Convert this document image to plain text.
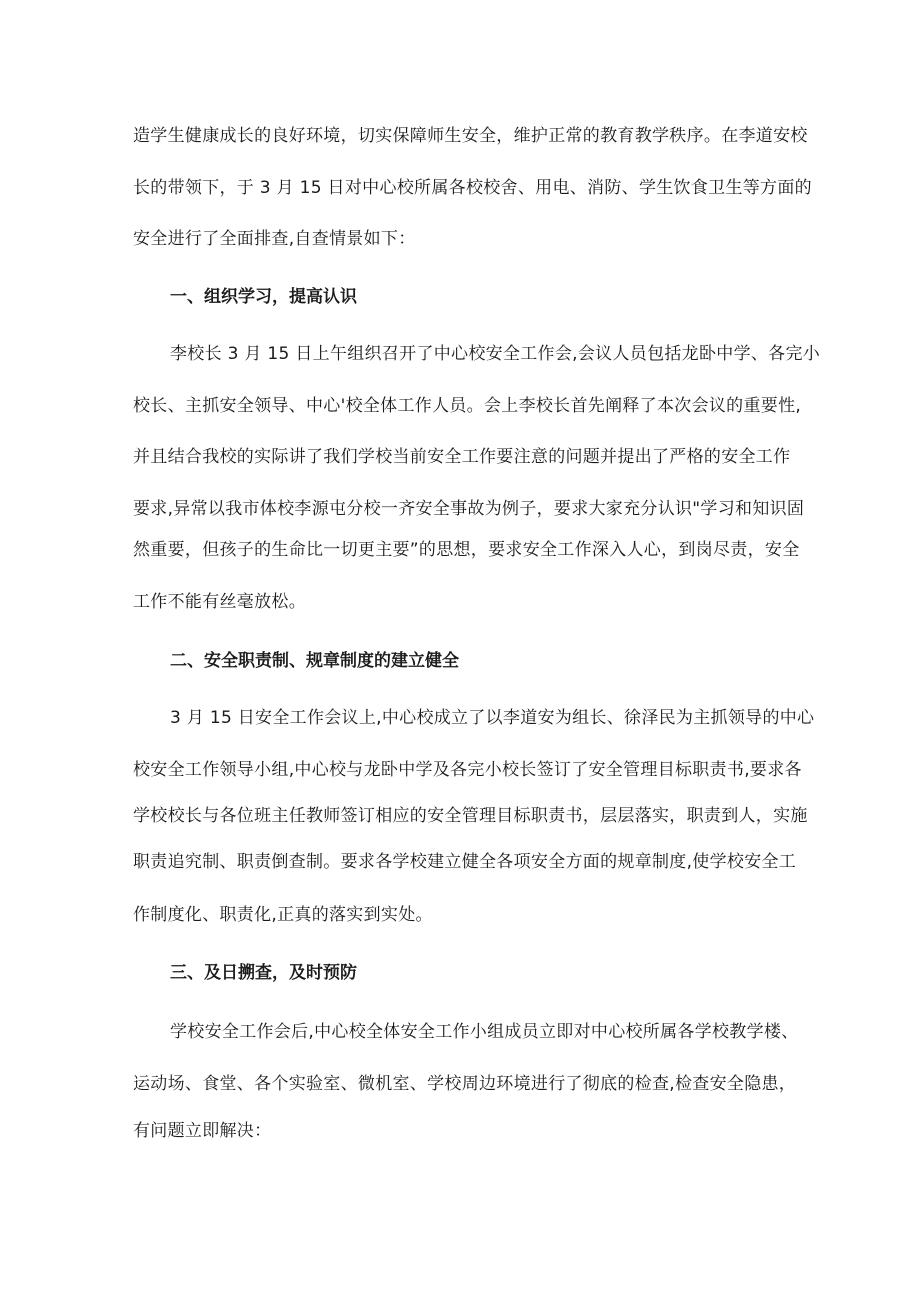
造学生健康成长的良好环境，切实保障师生安全，维护正常的教育教学秩序。在李道安校
长的带领下，于 3 月 15 日对中心校所属各校校舍、用电、消防、学生饮食卫生等方面的
安全进行了全面排查,自查情景如下：
一、组织学习，提高认识
李校长 3 月 15 日上午组织召开了中心校安全工作会,会议人员包括龙卧中学、各完小
校长、主抓安全领导、中心'校全体工作人员。会上李校长首先阐释了本次会议的重要性,
并且结合我校的实际讲了我们学校当前安全工作要注意的问题并提出了严格的安全工作
要求,异常以我市体校李源屯分校一齐安全事故为例子，要求大家充分认识"学习和知识固
然重要，但孩子的生命比一切更主要”的思想，要求安全工作深入人心，到岗尽责，安全
工作不能有丝毫放松。
二、安全职责制、规章制度的建立健全
3 月 15 日安全工作会议上,中心校成立了以李道安为组长、徐泽民为主抓领导的中心
校安全工作领导小组,中心校与龙卧中学及各完小校长签订了安全管理目标职责书,要求各
学校校长与各位班主任教师签订相应的安全管理目标职责书，层层落实，职责到人，实施
职责追究制、职责倒查制。要求各学校建立健全各项安全方面的规章制度,使学校安全工
作制度化、职责化,正真的落实到实处。
三、及日搠查，及时预防
学校安全工作会后,中心校全体安全工作小组成员立即对中心校所属各学校教学楼、
运动场、食堂、各个实验室、微机室、学校周边环境进行了彻底的检查,检查安全隐患，
有问题立即解决：
